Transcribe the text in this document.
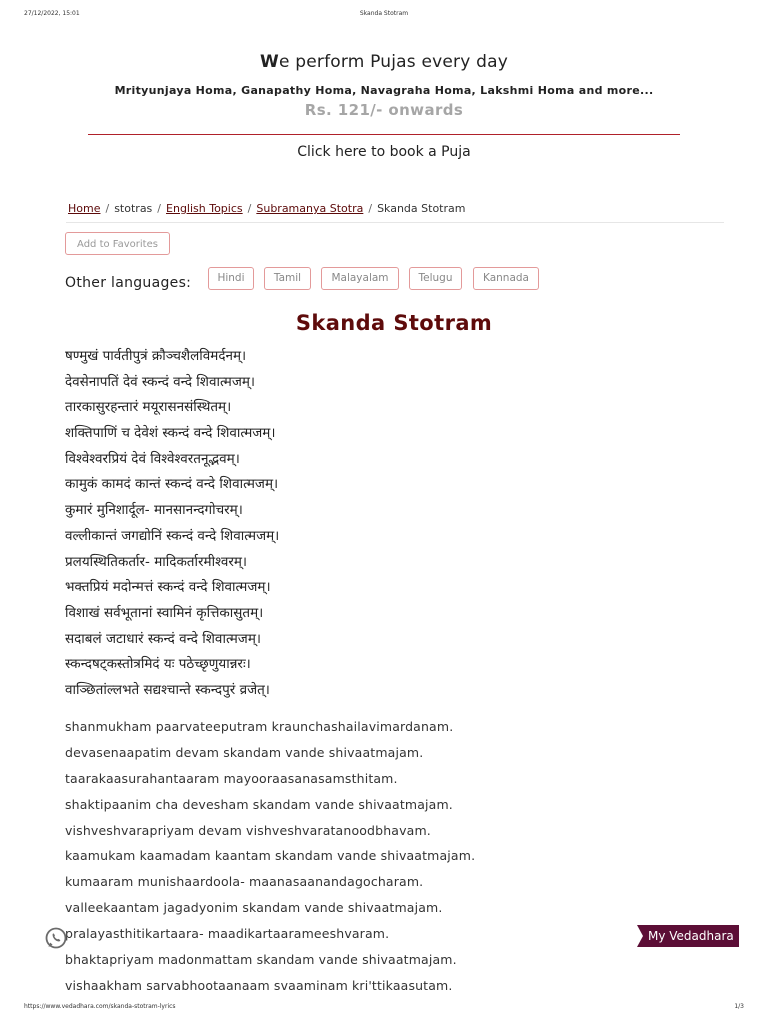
27/12/2022, 15:01	Skanda Stotram
We perform Pujas every day
Mrityunjaya Homa, Ganapathy Homa, Navagraha Homa, Lakshmi Homa and more...
Rs. 121/- onwards
Click here to book a Puja
Home / stotras / English Topics / Subramanya Stotra / Skanda Stotram
Add to Favorites
Other languages:	Hindi	Tamil	Malayalam	Telugu	Kannada
Skanda Stotram
षण्मुखं पार्वतीपुत्रं क्रौञ्चशैलविमर्दनम्।
देवसेनापतिं देवं स्कन्दं वन्दे शिवात्मजम्।
तारकासुरहन्तारं मयूरासनसंस्थितम्।
शक्तिपाणिं च देवेशं स्कन्दं वन्दे शिवात्मजम्।
विश्वेश्वरप्रियं देवं विश्वेश्वरतनूद्भवम्।
कामुकं कामदं कान्तं स्कन्दं वन्दे शिवात्मजम्।
कुमारं मुनिशार्दूल- मानसानन्दगोचरम्।
वल्लीकान्तं जगद्योनिं स्कन्दं वन्दे शिवात्मजम्।
प्रलयस्थितिकर्तार- मादिकर्तारमीश्वरम्।
भक्तप्रियं मदोन्मत्तं स्कन्दं वन्दे शिवात्मजम्।
विशाखं सर्वभूतानां स्वामिनं कृत्तिकासुतम्।
सदाबलं जटाधारं स्कन्दं वन्दे शिवात्मजम्।
स्कन्दषट्कस्तोत्रमिदं यः पठेच्छृणुयान्नरः।
वाञ्छितांल्लभते सद्यश्चान्ते स्कन्दपुरं व्रजेत्।
shanmukham paarvateeputram kraunchashailavimardanam.
devasenaapatim devam skandam vande shivaatmajam.
taarakaasurahantaaram mayooraasanasamsthitam.
shaktipaanim cha devesham skandam vande shivaatmajam.
vishveshvarapriyam devam vishveshvaratanoodbhavam.
kaamukam kaamadam kaantam skandam vande shivaatmajam.
kumaaram munishaardoola- maanasaanandagocharam.
valleekaantam jagadyonim skandam vande shivaatmajam.
pralayasthitikartaara- maadikartaarameeshvaram.
bhaktapriyam madonmattam skandam vande shivaatmajam.
vishaakham sarvabhootaanaam svaaminam kri'ttikaasutam.
My Vedadhara
https://www.vedadhara.com/skanda-stotram-lyrics	1/3
